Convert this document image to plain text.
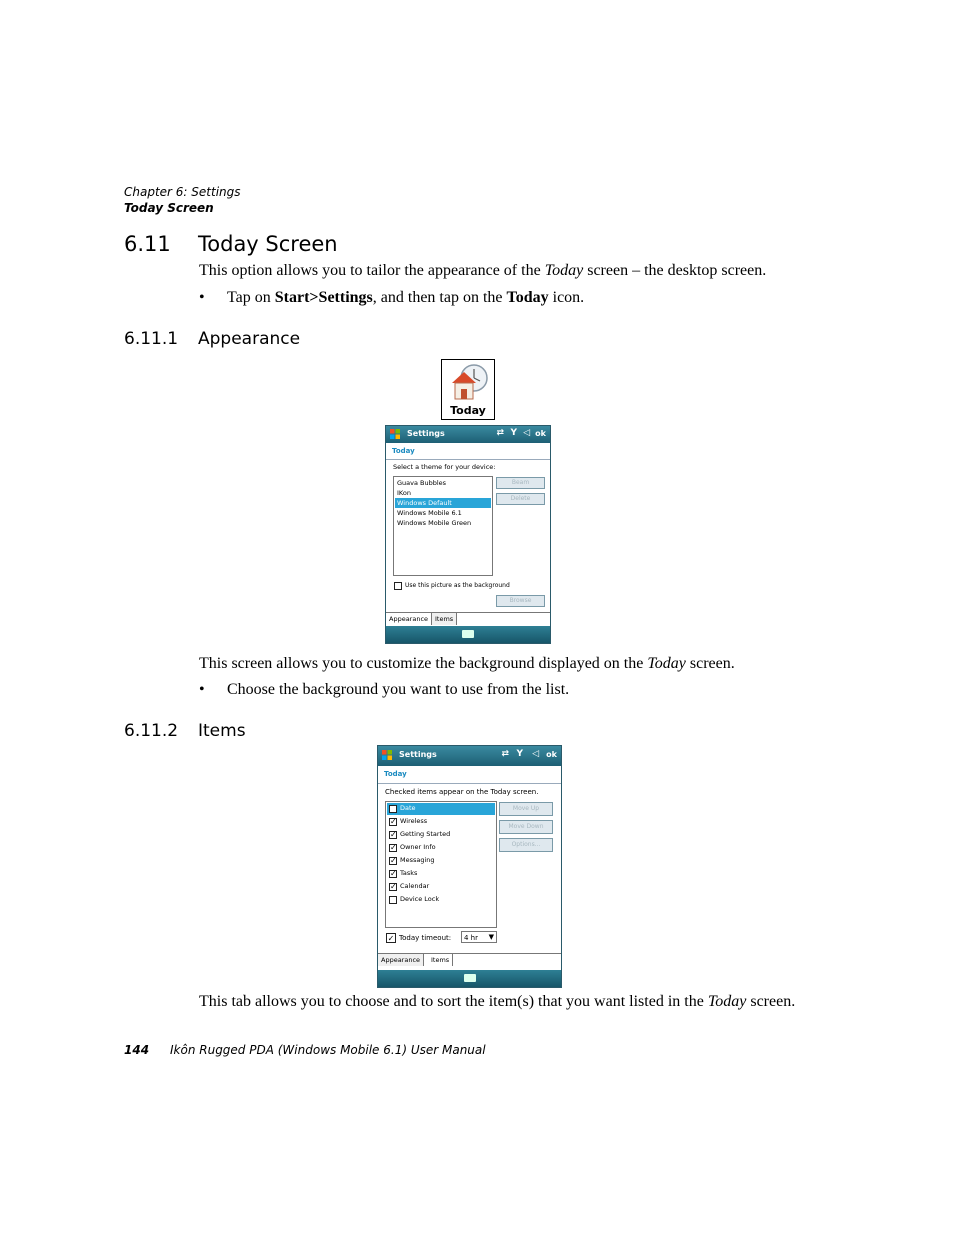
Chapter 6: Settings
Today Screen
6.11 Today Screen
This option allows you to tailor the appearance of the Today screen – the desktop screen.
• Tap on Start>Settings, and then tap on the Today icon.
6.11.1 Appearance
Today
Settings	⇄ Y ◁ ok
Today
Select a theme for your device:
Guava Bubbles
IKon
Windows Default
Windows Mobile 6.1
Windows Mobile Green
Beam
Delete
Use this picture as the background
Browse
Appearance	Items
This screen allows you to customize the background displayed on the Today screen.
• Choose the background you want to use from the list.
6.11.2 Items
Settings	⇄ Y ◁ ok
Today
Checked items appear on the Today screen.
✓ Date
✓ Wireless
✓ Getting Started
✓ Owner Info
✓ Messaging
✓ Tasks
✓ Calendar
Device Lock
Move Up
Move Down
Options...
✓ Today timeout: 4 hr ▼
Appearance	Items
This tab allows you to choose and to sort the item(s) that you want listed in the Today screen.
144 Ikôn Rugged PDA (Windows Mobile 6.1) User Manual
